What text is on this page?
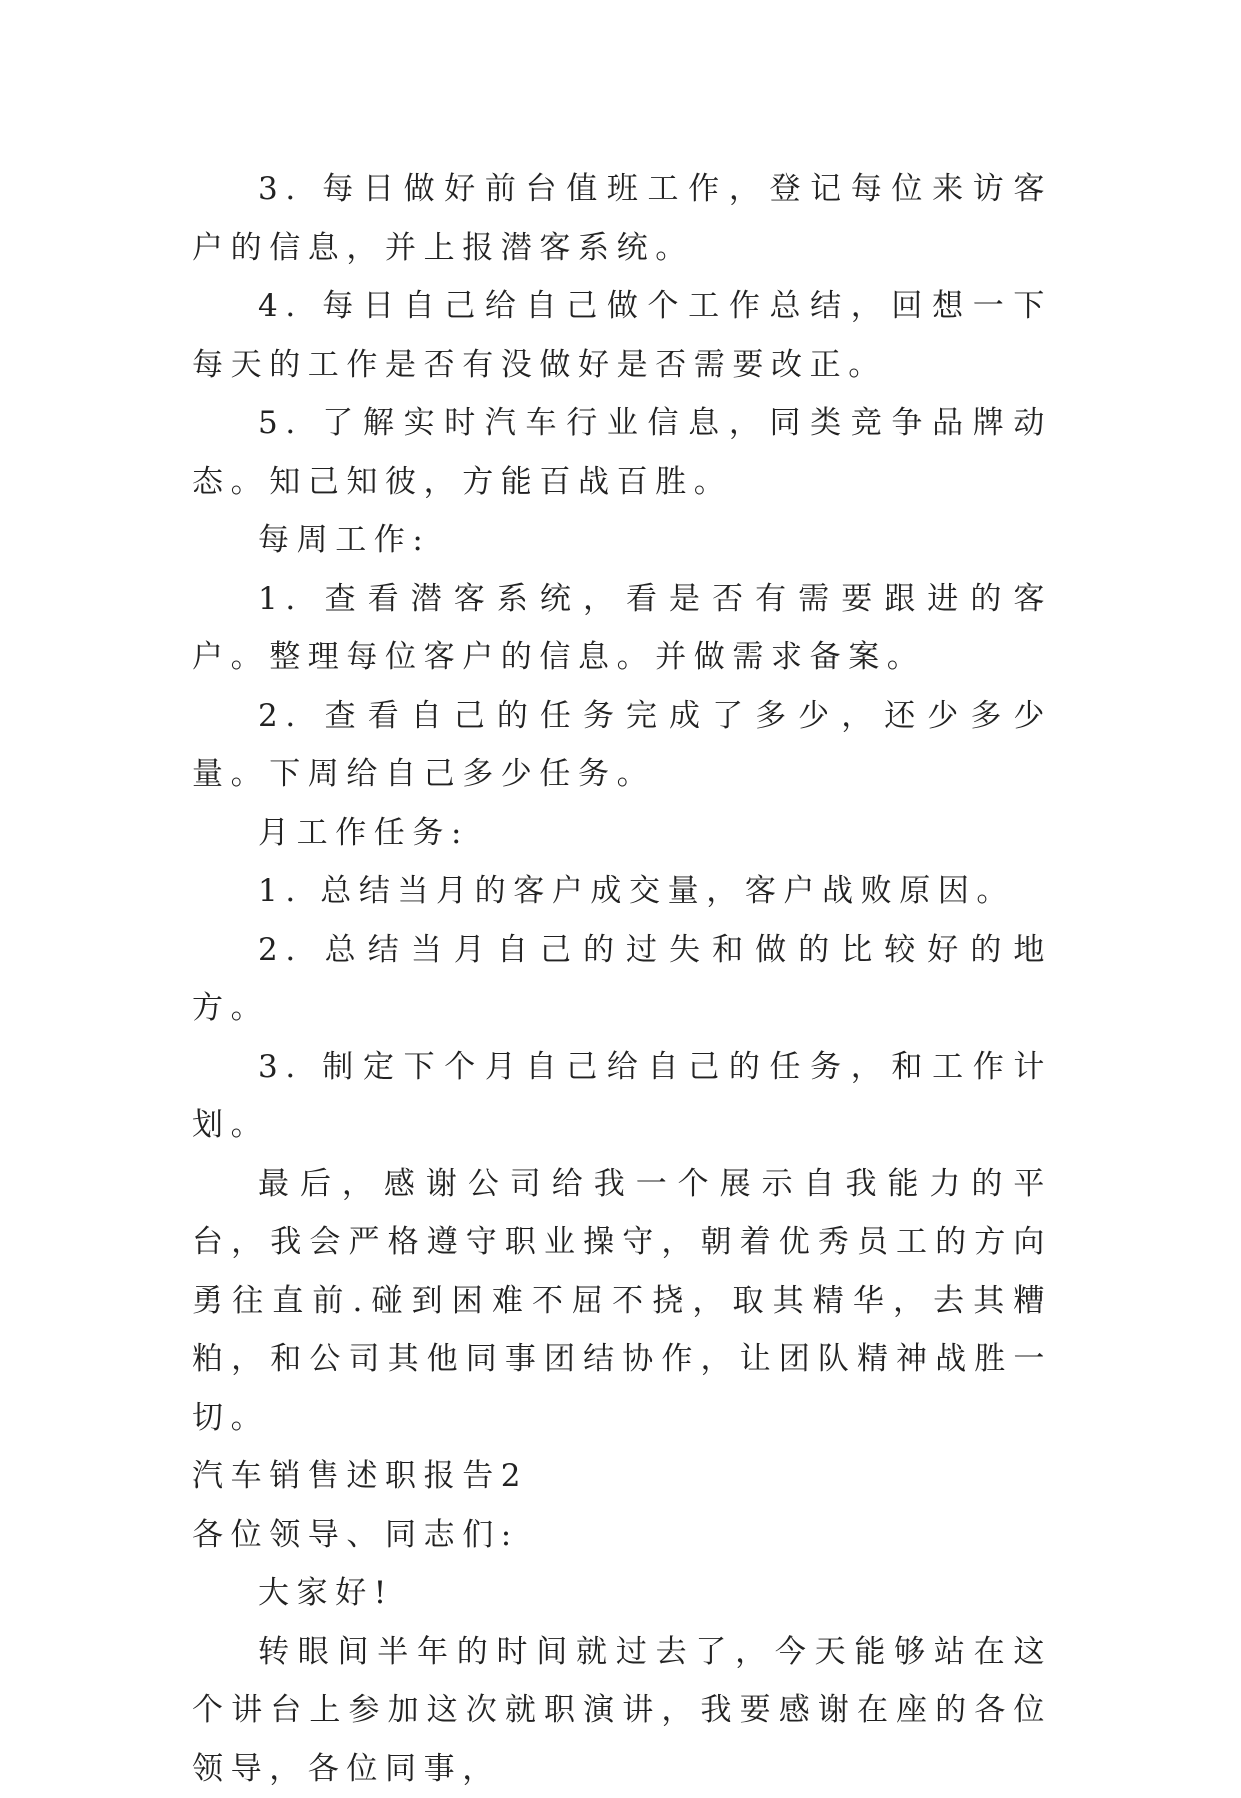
3. 每日做好前台值班工作，登记每位来访客户的信息，并上报潜客系统。

4. 每日自己给自己做个工作总结，回想一下每天的工作是否有没做好是否需要改正。

5. 了解实时汽车行业信息，同类竞争品牌动态。知己知彼，方能百战百胜。

每周工作:

1. 查看潜客系统，看是否有需要跟进的客户。整理每位客户的信息。并做需求备案。

2. 查看自己的任务完成了多少，还少多少量。下周给自己多少任务。

月工作任务:

1. 总结当月的客户成交量，客户战败原因。

2. 总结当月自己的过失和做的比较好的地方。

3. 制定下个月自己给自己的任务，和工作计划。

最后，感谢公司给我一个展示自我能力的平台，我会严格遵守职业操守，朝着优秀员工的方向勇往直前.碰到困难不屈不挠，取其精华，去其糟粕，和公司其他同事团结协作，让团队精神战胜一切。

汽车销售述职报告2

各位领导、同志们:

大家好!

转眼间半年的时间就过去了，今天能够站在这个讲台上参加这次就职演讲，我要感谢在座的各位领导，各位同事，
